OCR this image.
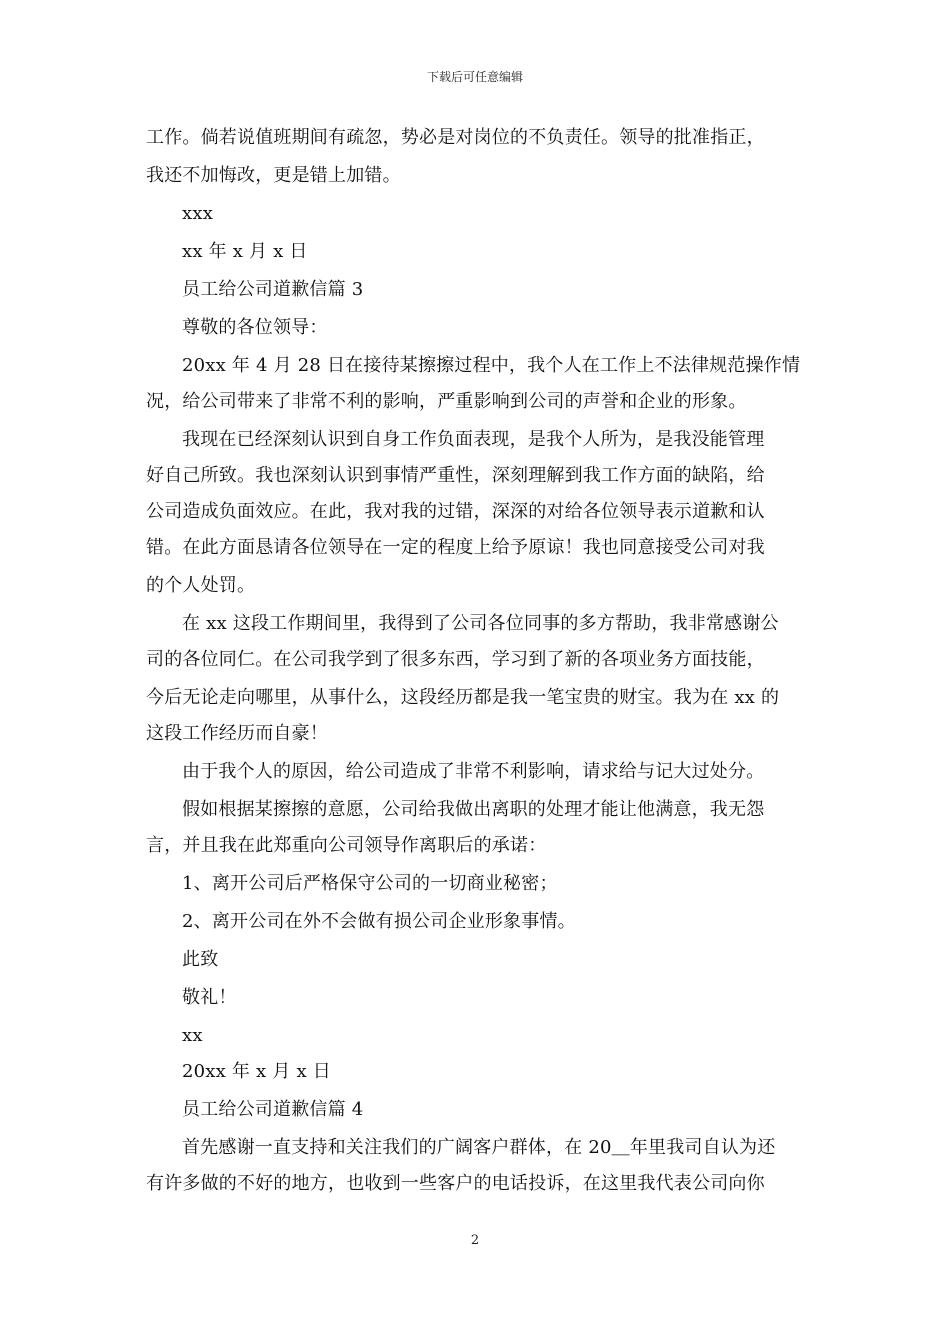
下载后可任意编辑
工作。倘若说值班期间有疏忽，势必是对岗位的不负责任。领导的批准指正，
我还不加悔改，更是错上加错。
xxx
xx 年 x 月 x 日
员工给公司道歉信篇 3
尊敬的各位领导：
20xx 年 4 月 28 日在接待某擦擦过程中，我个人在工作上不法律规范操作情
况，给公司带来了非常不利的影响，严重影响到公司的声誉和企业的形象。
我现在已经深刻认识到自身工作负面表现，是我个人所为，是我没能管理
好自己所致。我也深刻认识到事情严重性，深刻理解到我工作方面的缺陷，给
公司造成负面效应。在此，我对我的过错，深深的对给各位领导表示道歉和认
错。在此方面恳请各位领导在一定的程度上给予原谅！我也同意接受公司对我
的个人处罚。
在 xx 这段工作期间里，我得到了公司各位同事的多方帮助，我非常感谢公
司的各位同仁。在公司我学到了很多东西，学习到了新的各项业务方面技能，
今后无论走向哪里，从事什么，这段经历都是我一笔宝贵的财宝。我为在 xx 的
这段工作经历而自豪！
由于我个人的原因，给公司造成了非常不利影响，请求给与记大过处分。
假如根据某擦擦的意愿，公司给我做出离职的处理才能让他满意，我无怨
言，并且我在此郑重向公司领导作离职后的承诺：
1、离开公司后严格保守公司的一切商业秘密；
2、离开公司在外不会做有损公司企业形象事情。
此致
敬礼！
xx
20xx 年 x 月 x 日
员工给公司道歉信篇 4
首先感谢一直支持和关注我们的广阔客户群体，在 20＿年里我司自认为还
有许多做的不好的地方，也收到一些客户的电话投诉，在这里我代表公司向你
2
